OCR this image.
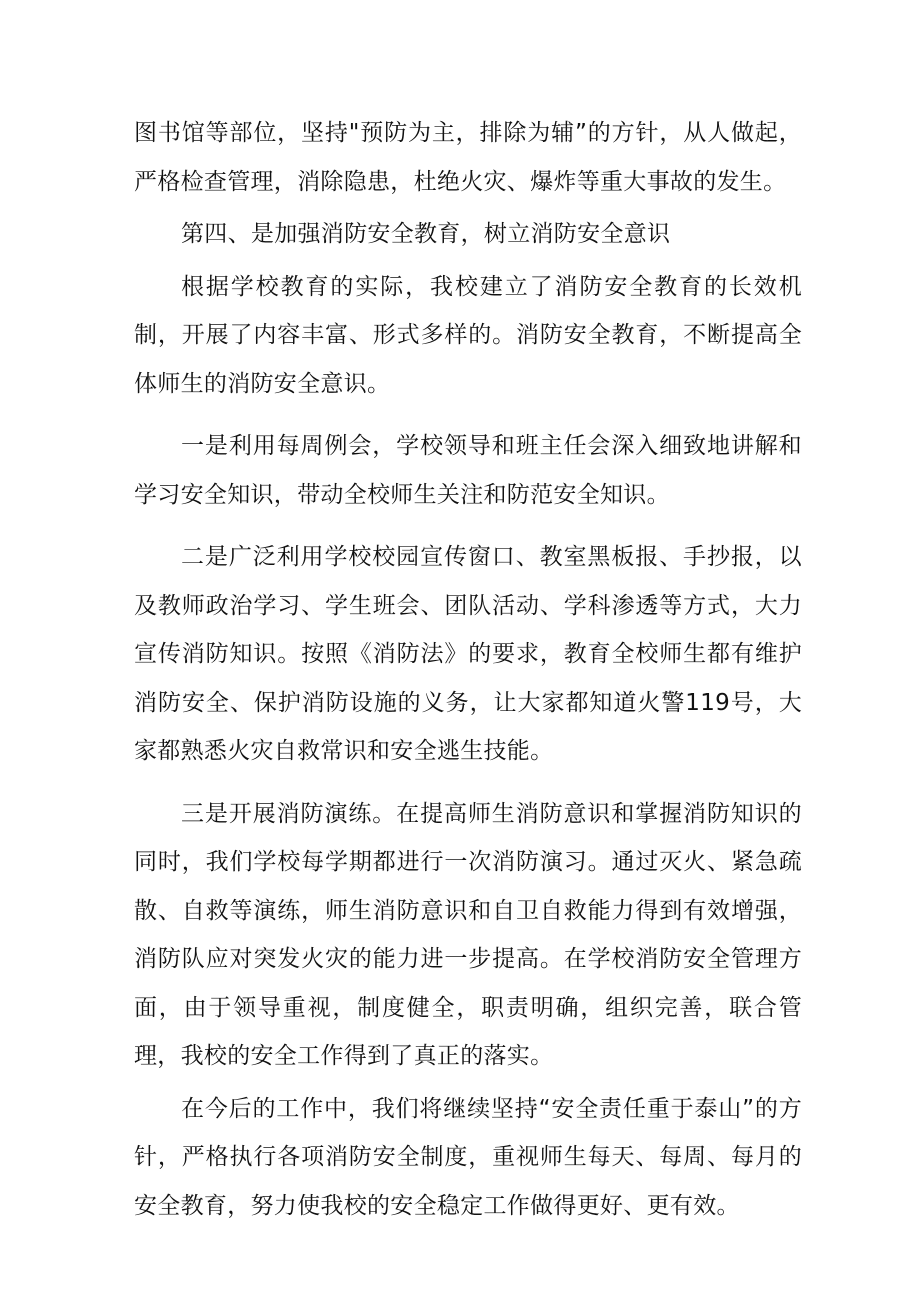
图书馆等部位，坚持"预防为主，排除为辅”的方针，从人做起，严格检查管理，消除隐患，杜绝火灾、爆炸等重大事故的发生。

第四、是加强消防安全教育，树立消防安全意识

根据学校教育的实际，我校建立了消防安全教育的长效机制，开展了内容丰富、形式多样的。消防安全教育，不断提高全体师生的消防安全意识。

一是利用每周例会，学校领导和班主任会深入细致地讲解和学习安全知识，带动全校师生关注和防范安全知识。

二是广泛利用学校校园宣传窗口、教室黑板报、手抄报，以及教师政治学习、学生班会、团队活动、学科渗透等方式，大力宣传消防知识。按照《消防法》的要求，教育全校师生都有维护消防安全、保护消防设施的义务，让大家都知道火警119号，大家都熟悉火灾自救常识和安全逃生技能。

三是开展消防演练。在提高师生消防意识和掌握消防知识的同时，我们学校每学期都进行一次消防演习。通过灭火、紧急疏散、自救等演练，师生消防意识和自卫自救能力得到有效增强，消防队应对突发火灾的能力进一步提高。在学校消防安全管理方面，由于领导重视，制度健全，职责明确，组织完善，联合管理，我校的安全工作得到了真正的落实。

在今后的工作中，我们将继续坚持“安全责任重于泰山”的方针，严格执行各项消防安全制度，重视师生每天、每周、每月的安全教育，努力使我校的安全稳定工作做得更好、更有效。
